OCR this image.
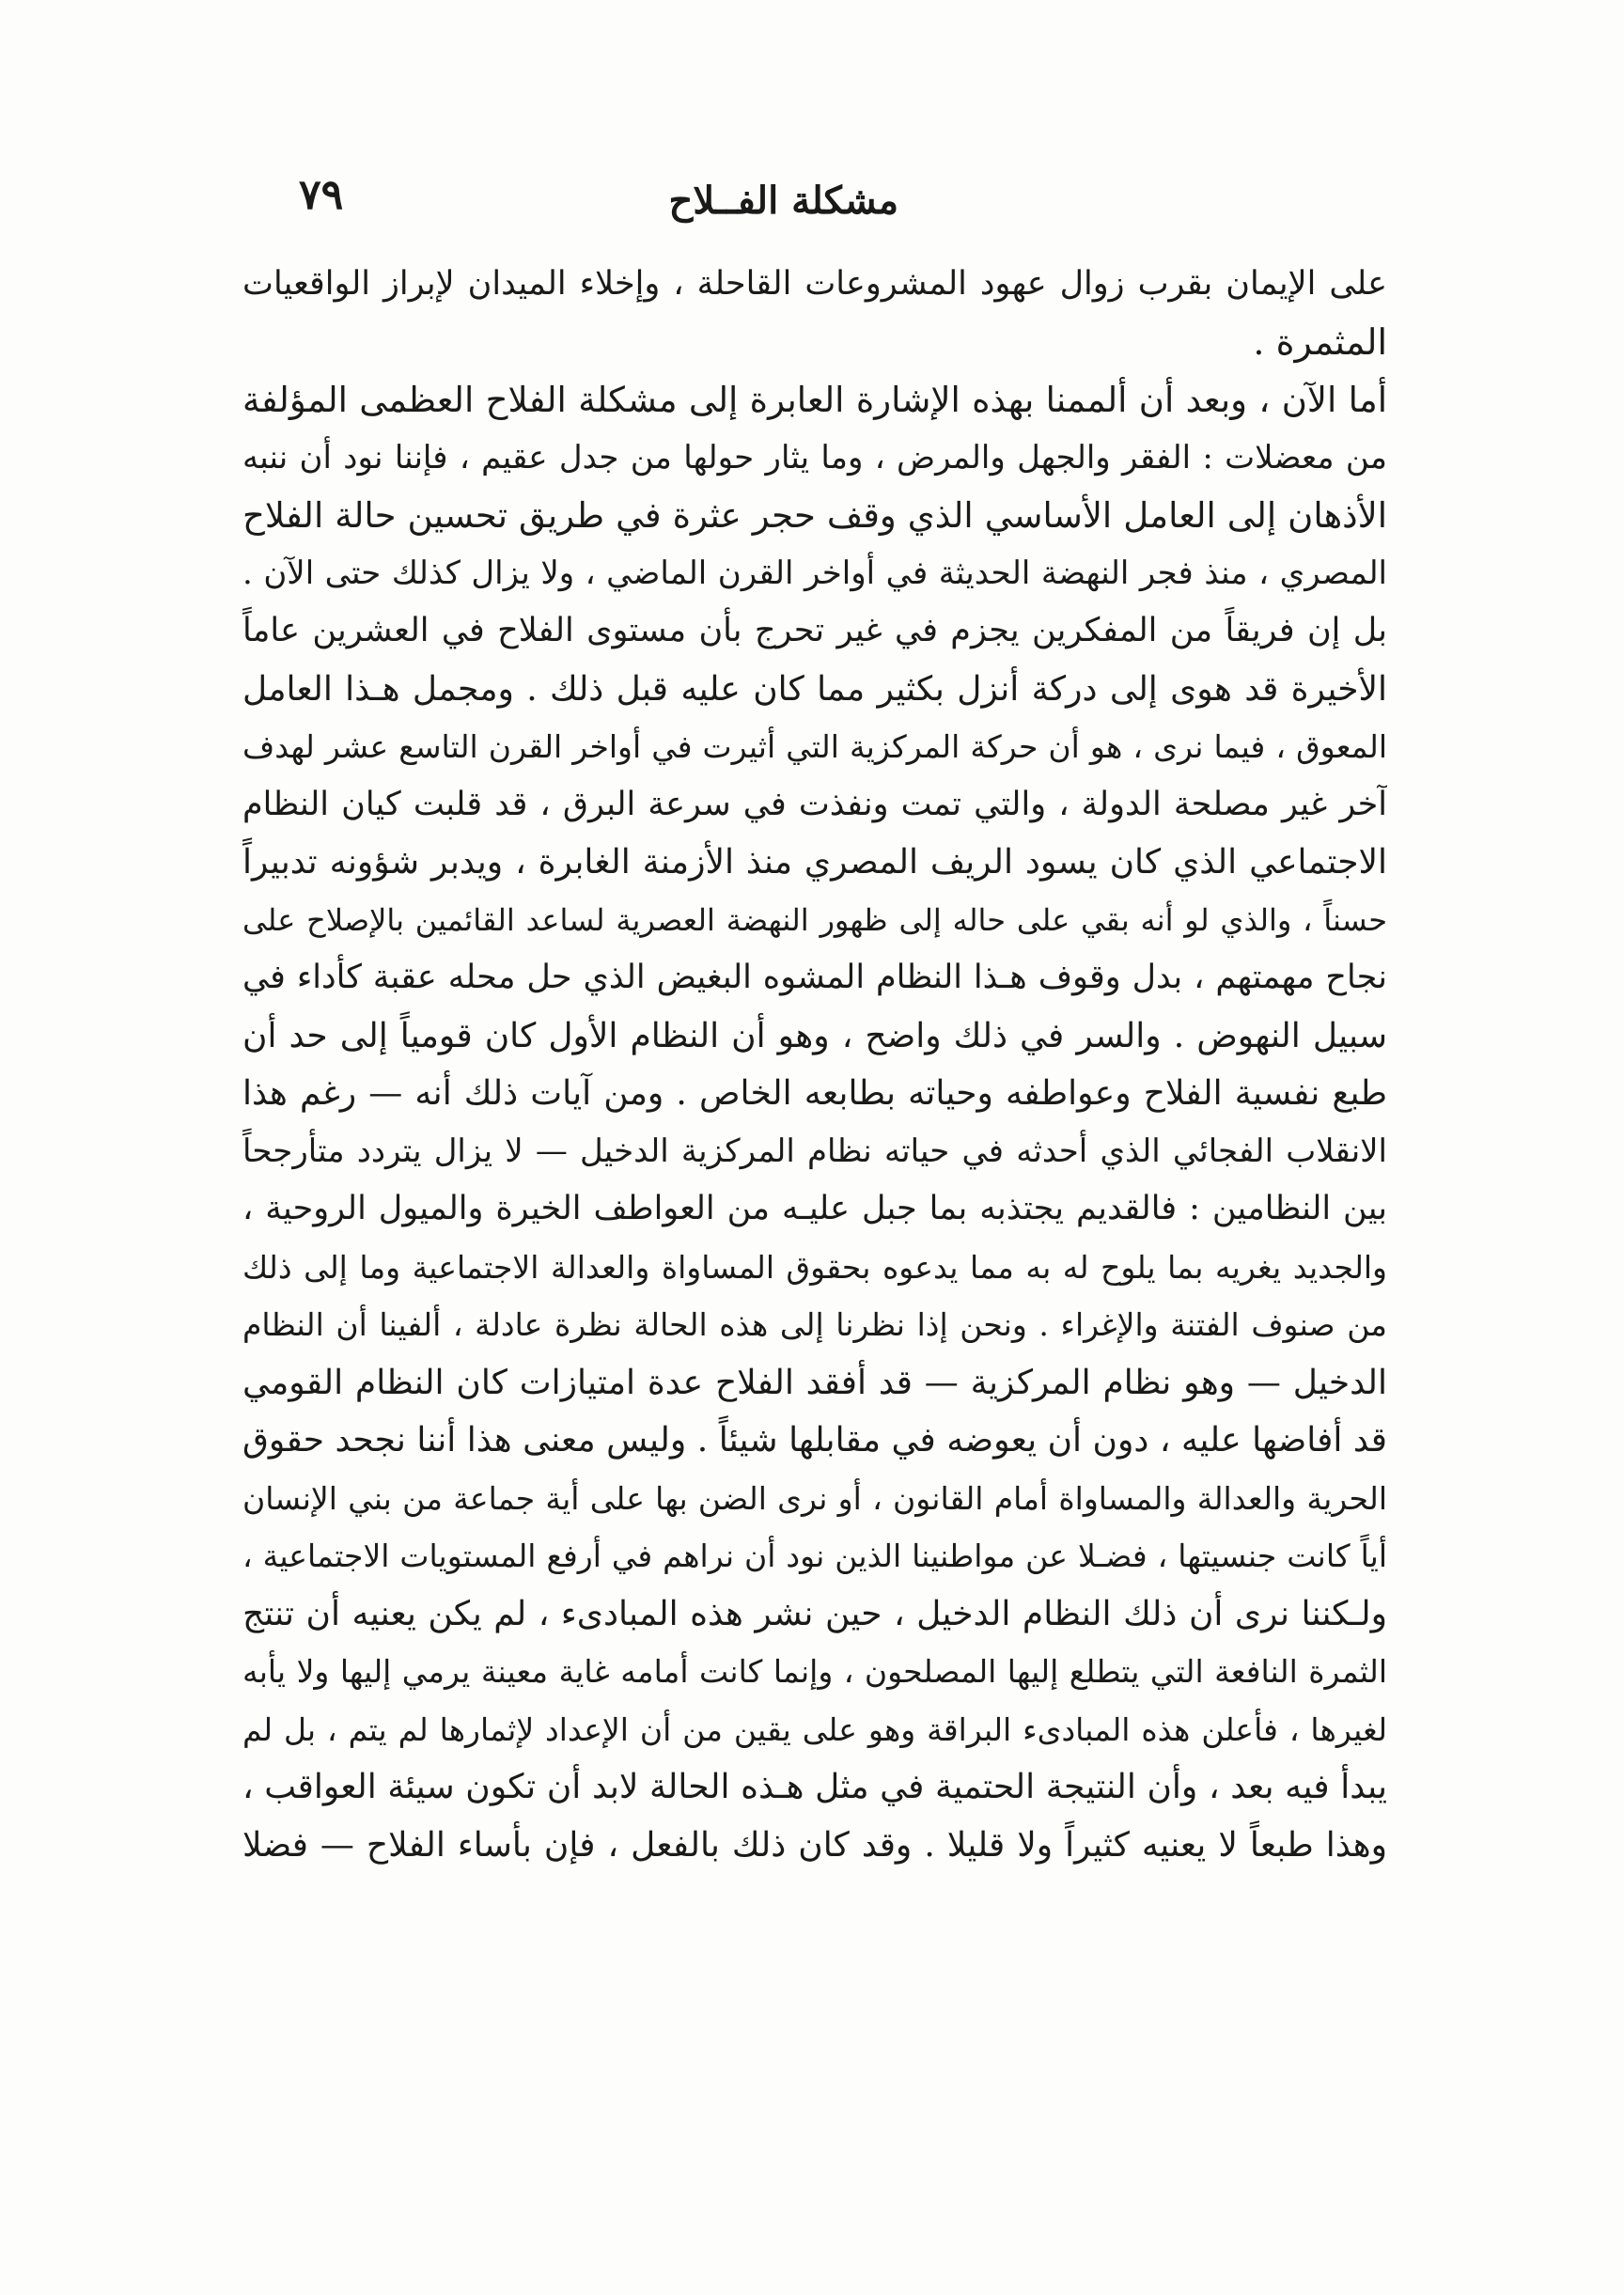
مشكلة الفــلاح
٧٩
على الإيمان بقرب زوال عهود المشروعات القاحلة ، وإخلاء الميدان لإبراز الواقعيات
المثمرة .
أما الآن ، وبعد أن ألممنا بهذه الإشارة العابرة إلى مشكلة الفلاح العظمى المؤلفة
من معضلات : الفقر والجهل والمرض ، وما يثار حولها من جدل عقيم ، فإننا نود أن ننبه
الأذهان إلى العامل الأساسي الذي وقف حجر عثرة في طريق تحسين حالة الفلاح
المصري ، منذ فجر النهضة الحديثة في أواخر القرن الماضي ، ولا يزال كذلك حتى الآن .
بل إن فريقاً من المفكرين يجزم في غير تحرج بأن مستوى الفلاح في العشرين عاماً
الأخيرة قد هوى إلى دركة أنزل بكثير مما كان عليه قبل ذلك . ومجمل هـذا العامل
المعوق ، فيما نرى ، هو أن حركة المركزية التي أثيرت في أواخر القرن التاسع عشر لهدف
آخر غير مصلحة الدولة ، والتي تمت ونفذت في سرعة البرق ، قد قلبت كيان النظام
الاجتماعي الذي كان يسود الريف المصري منذ الأزمنة الغابرة ، ويدبر شؤونه تدبيراً
حسناً ، والذي لو أنه بقي على حاله إلى ظهور النهضة العصرية لساعد القائمين بالإصلاح على
نجاح مهمتهم ، بدل وقوف هـذا النظام المشوه البغيض الذي حل محله عقبة كأداء في
سبيل النهوض . والسر في ذلك واضح ، وهو أن النظام الأول كان قومياً إلى حد أن
طبع نفسية الفلاح وعواطفه وحياته بطابعه الخاص . ومن آيات ذلك أنه — رغم هذا
الانقلاب الفجائي الذي أحدثه في حياته نظام المركزية الدخيل — لا يزال يتردد متأرجحاً
بين النظامين : فالقديم يجتذبه بما جبل عليـه من العواطف الخيرة والميول الروحية ،
والجديد يغريه بما يلوح له به مما يدعوه بحقوق المساواة والعدالة الاجتماعية وما إلى ذلك
من صنوف الفتنة والإغراء . ونحن إذا نظرنا إلى هذه الحالة نظرة عادلة ، ألفينا أن النظام
الدخيل — وهو نظام المركزية — قد أفقد الفلاح عدة امتيازات كان النظام القومي
قد أفاضها عليه ، دون أن يعوضه في مقابلها شيئاً . وليس معنى هذا أننا نجحد حقوق
الحرية والعدالة والمساواة أمام القانون ، أو نرى الضن بها على أية جماعة من بني الإنسان
أياً كانت جنسيتها ، فضـلا عن مواطنينا الذين نود أن نراهم في أرفع المستويات الاجتماعية ،
ولـكننا نرى أن ذلك النظام الدخيل ، حين نشر هذه المبادىء ، لم يكن يعنيه أن تنتج
الثمرة النافعة التي يتطلع إليها المصلحون ، وإنما كانت أمامه غاية معينة يرمي إليها ولا يأبه
لغيرها ، فأعلن هذه المبادىء البراقة وهو على يقين من أن الإعداد لإثمارها لم يتم ، بل لم
يبدأ فيه بعد ، وأن النتيجة الحتمية في مثل هـذه الحالة لابد أن تكون سيئة العواقب ،
وهذا طبعاً لا يعنيه كثيراً ولا قليلا . وقد كان ذلك بالفعل ، فإن بأساء الفلاح — فضلا
